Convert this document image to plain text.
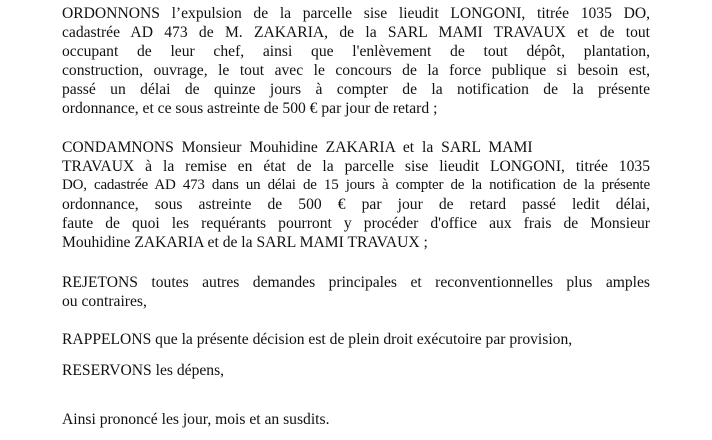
ORDONNONS l’expulsion de la parcelle sise lieudit LONGONI, titrée 1035 DO,
cadastrée AD 473 de M. ZAKARIA, de la SARL MAMI TRAVAUX et de tout
occupant de leur chef, ainsi que l'enlèvement de tout dépôt, plantation,
construction, ouvrage, le tout avec le concours de la force publique si besoin est,
passé un délai de quinze jours à compter de la notification de la présente
ordonnance, et ce sous astreinte de 500 € par jour de retard ;
CONDAMNONS Monsieur Mouhidine ZAKARIA et la SARL MAMI
TRAVAUX à la remise en état de la parcelle sise lieudit LONGONI, titrée 1035
DO, cadastrée AD 473 dans un délai de 15 jours à compter de la notification de la présente
ordonnance, sous astreinte de 500 € par jour de retard passé ledit délai,
faute de quoi les requérants pourront y procéder d'office aux frais de Monsieur
Mouhidine ZAKARIA et de la SARL MAMI TRAVAUX ;
REJETONS toutes autres demandes principales et reconventionnelles plus amples
ou contraires,
RAPPELONS que la présente décision est de plein droit exécutoire par provision,
RESERVONS les dépens,
Ainsi prononcé les jour, mois et an susdits.
